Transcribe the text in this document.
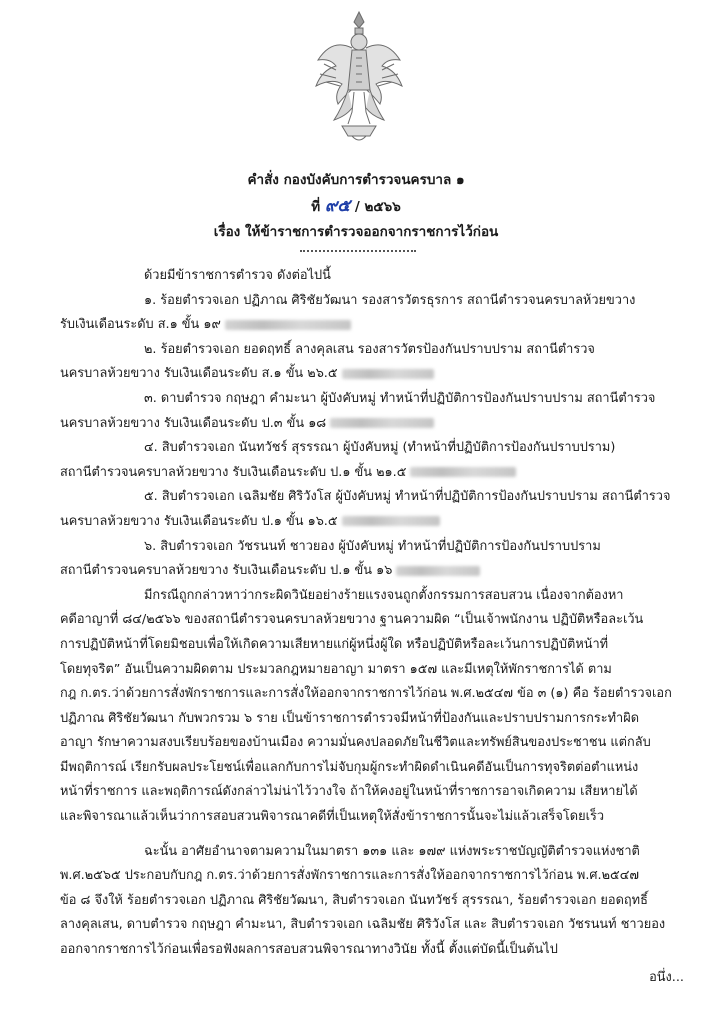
คำสั่ง กองบังคับการตำรวจนครบาล ๑
ที่ ๙๕ / ๒๕๖๖
เรื่อง ให้ข้าราชการตำรวจออกจากราชการไว้ก่อน

ด้วยมีข้าราชการตำรวจ ดังต่อไปนี้

๑. ร้อยตำรวจเอก ปฏิภาณ ศิริชัยวัฒนา รองสารวัตรธุรการ สถานีตำรวจนครบาลห้วยขวาง

รับเงินเดือนระดับ ส.๑ ขั้น ๑๙

๒. ร้อยตำรวจเอก ยอดฤทธิ์ ลางคุลเสน รองสารวัตรป้องกันปราบปราม สถานีตำรวจ

นครบาลห้วยขวาง รับเงินเดือนระดับ ส.๑ ขั้น ๒๖.๕

๓. ดาบตำรวจ กฤษฎา คำมะนา ผู้บังคับหมู่ ทำหน้าที่ปฏิบัติการป้องกันปราบปราม สถานีตำรวจ

นครบาลห้วยขวาง รับเงินเดือนระดับ ป.๓ ขั้น ๑๘

๔. สิบตำรวจเอก นันทวัชร์ สุรรรณา ผู้บังคับหมู่ (ทำหน้าที่ปฏิบัติการป้องกันปราบปราม)

สถานีตำรวจนครบาลห้วยขวาง รับเงินเดือนระดับ ป.๑ ขั้น ๒๑.๕

๕. สิบตำรวจเอก เฉลิมชัย ศิริวังโส ผู้บังคับหมู่ ทำหน้าที่ปฏิบัติการป้องกันปราบปราม สถานีตำรวจ

นครบาลห้วยขวาง รับเงินเดือนระดับ ป.๑ ขั้น ๑๖.๕

๖. สิบตำรวจเอก วัชรนนท์ ชาวยอง ผู้บังคับหมู่ ทำหน้าที่ปฏิบัติการป้องกันปราบปราม

สถานีตำรวจนครบาลห้วยขวาง รับเงินเดือนระดับ ป.๑ ขั้น ๑๖

มีกรณีถูกกล่าวหาว่ากระผิดวินัยอย่างร้ายแรงจนถูกตั้งกรรมการสอบสวน เนื่องจากต้องหา

คดีอาญาที่ ๘๔/๒๕๖๖ ของสถานีตำรวจนครบาลห้วยขวาง ฐานความผิด “เป็นเจ้าพนักงาน ปฏิบัติหรือละเว้น

การปฏิบัติหน้าที่โดยมิชอบเพื่อให้เกิดความเสียหายแก่ผู้หนึ่งผู้ใด หรือปฏิบัติหรือละเว้นการปฏิบัติหน้าที่

โดยทุจริต” อันเป็นความผิดตาม ประมวลกฎหมายอาญา มาตรา ๑๕๗ และมีเหตุให้พักราชการได้ ตาม

กฎ ก.ตร.ว่าด้วยการสั่งพักราชการและการสั่งให้ออกจากราชการไว้ก่อน พ.ศ.๒๕๔๗ ข้อ ๓ (๑) คือ ร้อยตำรวจเอก

ปฏิภาณ ศิริชัยวัฒนา กับพวกรวม ๖ ราย เป็นข้าราชการตำรวจมีหน้าที่ป้องกันและปราบปรามการกระทำผิด

อาญา รักษาความสงบเรียบร้อยของบ้านเมือง ความมั่นคงปลอดภัยในชีวิตและทรัพย์สินของประชาชน แต่กลับ

มีพฤติการณ์ เรียกรับผลประโยชน์เพื่อแลกกับการไม่จับกุมผู้กระทำผิดดำเนินคดีอันเป็นการทุจริตต่อตำแหน่ง

หน้าที่ราชการ และพฤติการณ์ดังกล่าวไม่น่าไว้วางใจ ถ้าให้คงอยู่ในหน้าที่ราชการอาจเกิดความ เสียหายได้

และพิจารณาแล้วเห็นว่าการสอบสวนพิจารณาคดีที่เป็นเหตุให้สั่งข้าราชการนั้นจะไม่แล้วเสร็จโดยเร็ว

ฉะนั้น อาศัยอำนาจตามความในมาตรา ๑๓๑ และ ๑๗๙ แห่งพระราชบัญญัติตำรวจแห่งชาติ

พ.ศ.๒๕๖๕ ประกอบกับกฎ ก.ตร.ว่าด้วยการสั่งพักราชการและการสั่งให้ออกจากราชการไว้ก่อน พ.ศ.๒๕๔๗

ข้อ ๘ จึงให้ ร้อยตำรวจเอก ปฏิภาณ ศิริชัยวัฒนา, สิบตำรวจเอก นันทวัชร์ สุรรรณา, ร้อยตำรวจเอก ยอดฤทธิ์

ลางคุลเสน, ดาบตำรวจ กฤษฎา คำมะนา, สิบตำรวจเอก เฉลิมชัย ศิริวังโส และ สิบตำรวจเอก วัชรนนท์ ชาวยอง

ออกจากราชการไว้ก่อนเพื่อรอฟังผลการสอบสวนพิจารณาทางวินัย ทั้งนี้ ตั้งแต่บัดนี้เป็นต้นไป

อนึ่ง...
